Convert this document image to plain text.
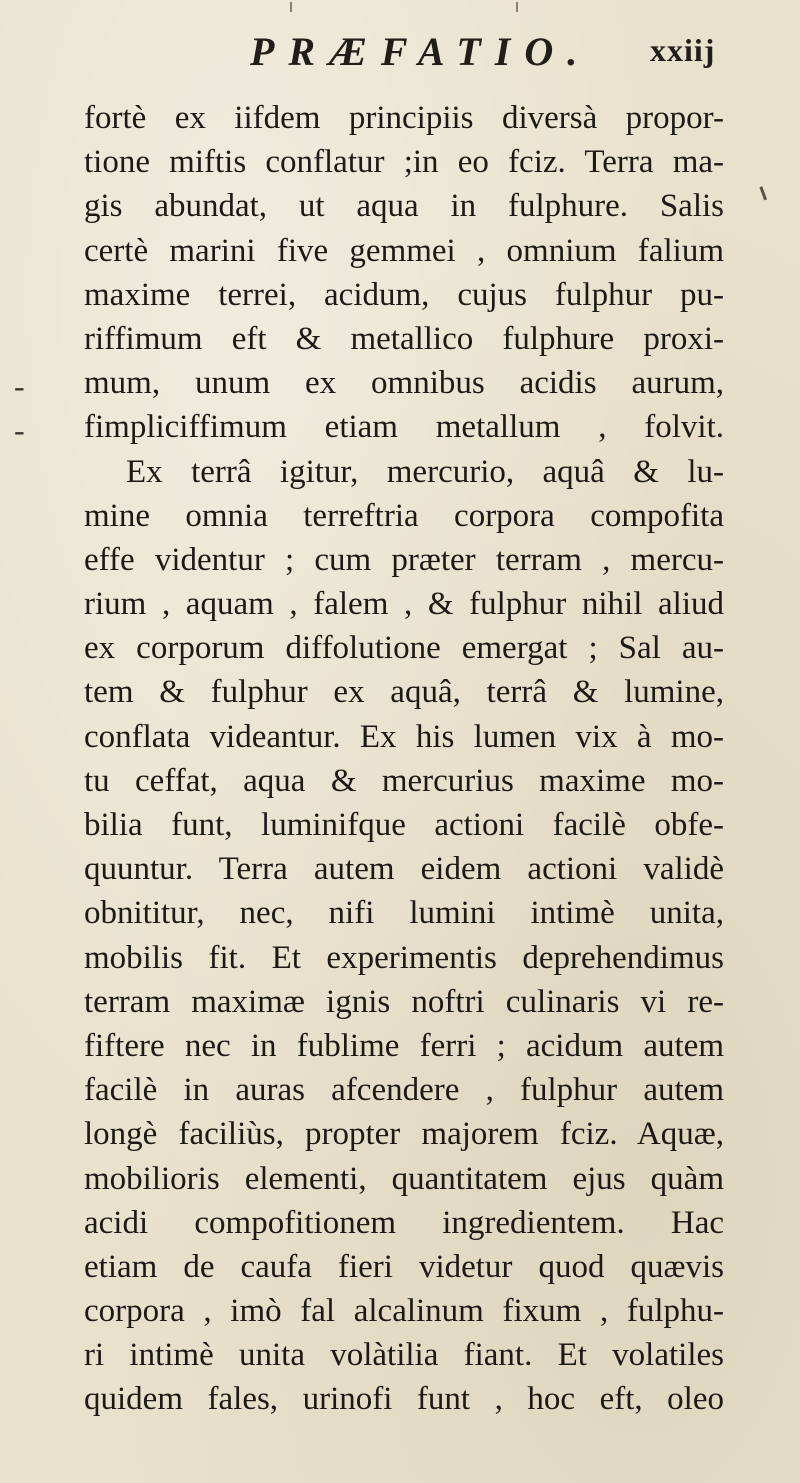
PRÆFATIO. xxiij
-
-
fortè ex iifdem principiis diversà propor-
tione miftis conflatur ;in eo fciz. Terra ma-
gis abundat, ut aqua in fulphure. Salis
certè marini five gemmei , omnium falium
maxime terrei, acidum, cujus fulphur pu-
riffimum eft & metallico fulphure proxi-
mum, unum ex omnibus acidis aurum,
fimpliciffimum etiam metallum , folvit.
Ex terrâ igitur, mercurio, aquâ & lu-
mine omnia terreftria corpora compofita
effe videntur ; cum præter terram , mercu-
rium , aquam , falem , & fulphur nihil aliud
ex corporum diffolutione emergat ; Sal au-
tem & fulphur ex aquâ, terrâ & lumine,
conflata videantur. Ex his lumen vix à mo-
tu ceffat, aqua & mercurius maxime mo-
bilia funt, luminifque actioni facilè obfe-
quuntur. Terra autem eidem actioni validè
obnititur, nec, nifi lumini intimè unita,
mobilis fit. Et experimentis deprehendimus
terram maximæ ignis noftri culinaris vi re-
fiftere nec in fublime ferri ; acidum autem
facilè in auras afcendere , fulphur autem
longè faciliùs, propter majorem fciz. Aquæ,
mobilioris elementi, quantitatem ejus quàm
acidi compofitionem ingredientem. Hac
etiam de caufa fieri videtur quod quævis
corpora , imò fal alcalinum fixum , fulphu-
ri intimè unita volàtilia fiant. Et volatiles
quidem fales, urinofi funt , hoc eft, oleo
